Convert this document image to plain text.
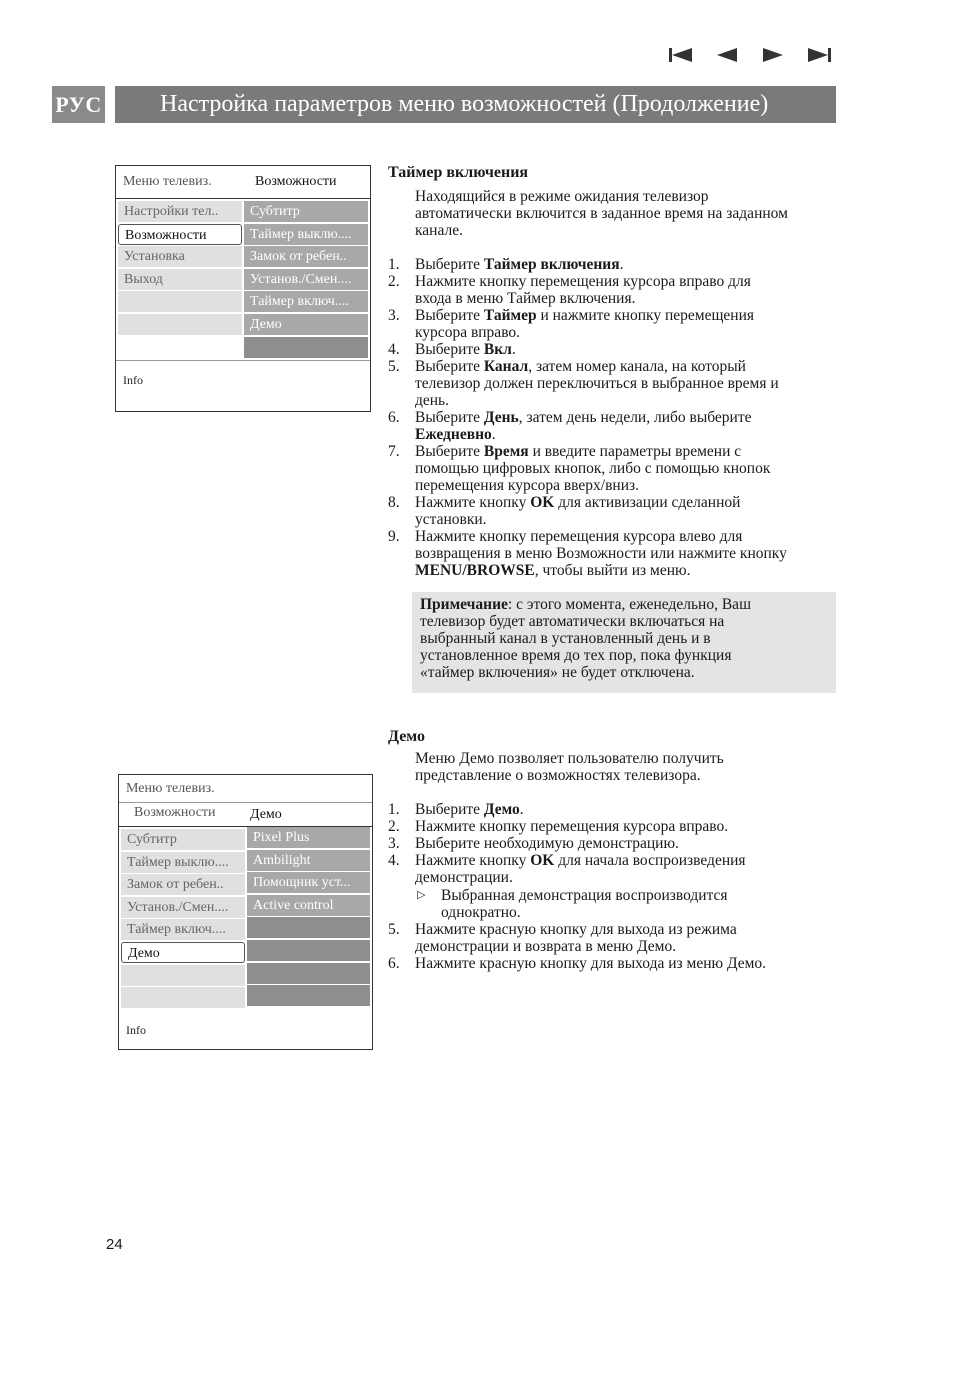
РУС	Настройка параметров меню возможностей (Продолжение)
Меню телевиз.	Возможности
Настройки тел..
Возможности
Установка
Выход
Субтитр
Таймер выклю....
Замок от ребен..
Установ./Смен....
Таймер включ....
Демо
Info
Меню телевиз.
Возможности Демо
Субтитр
Таймер выклю....
Замок от ребен..
Установ./Смен....
Таймер включ....
Демо
Pixel Plus
Ambilight
Помощник уст...
Active control
Info
Таймер включения
Находящийся в режиме ожидания телевизор
автоматически включится в заданное время на заданном
канале.
1. Выберите Таймер включения.
2. Нажмите кнопку перемещения курсора вправо для
входа в меню Таймер включения.
3. Выберите Таймер и нажмите кнопку перемещения
курсора вправо.
4. Выберите Вкл.
5. Выберите Канал, затем номер канала, на который
телевизор должен переключиться в выбранное время и
день.
6. Выберите День, затем день недели, либо выберите
Ежедневно.
7. Выберите Время и введите параметры времени с
помощью цифровых кнопок, либо с помощью кнопок
перемещения курсора вверх/вниз.
8. Нажмите кнопку OK для активизации сделанной
установки.
9. Нажмите кнопку перемещения курсора влево для
возвращения в меню Возможности или нажмите кнопку
MENU/BROWSE, чтобы выйти из меню.
Примечание: с этого момента, еженедельно, Ваш
телевизор будет автоматически включаться на
выбранный канал в установленный день и в
установленное время до тех пор, пока функция
«таймер включения» не будет отключена.
Демо
Меню Демо позволяет пользователю получить
представление о возможностях телевизора.
1. Выберите Демо.
2. Нажмите кнопку перемещения курсора вправо.
3. Выберите необходимую демонстрацию.
4. Нажмите кнопку OK для начала воспроизведения
демонстрации.
▷ Выбранная демонстрация воспроизводится
однократно.
5. Нажмите красную кнопку для выхода из режима
демонстрации и возврата в меню Демо.
6. Нажмите красную кнопку для выхода из меню Демо.
24
